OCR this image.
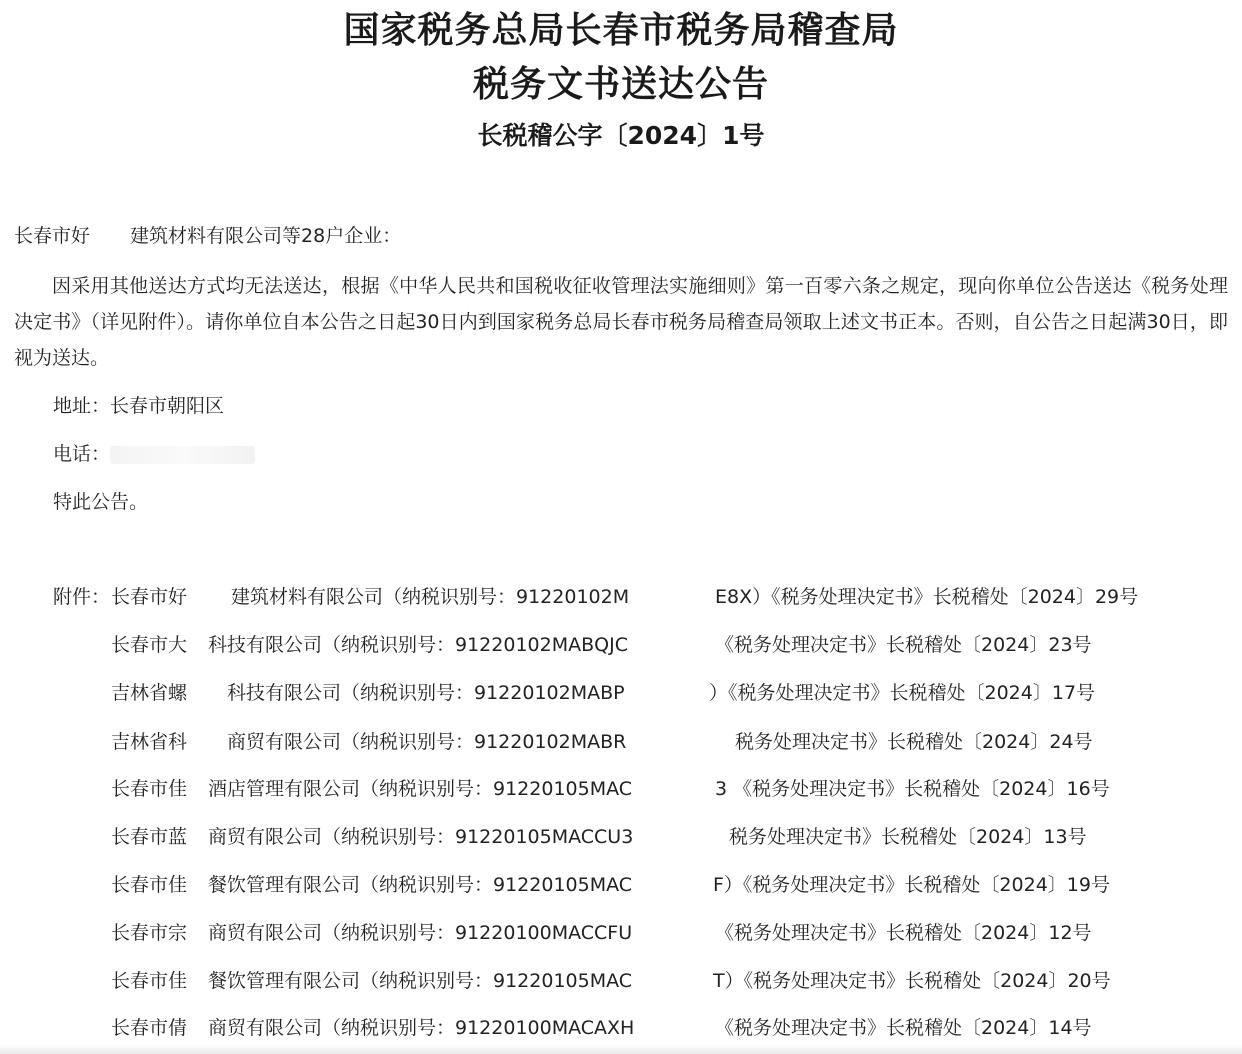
国家税务总局长春市税务局稽查局
税务文书送达公告
长税稽公字〔2024〕1号
长春市好 建筑材料有限公司等28户企业：
因采用其他送达方式均无法送达，根据《中华人民共和国税收征收管理法实施细则》第一百零六条之规定，现向你单位公告送达《税务处理决定书》（详见附件）。请你单位自本公告之日起30日内到国家税务总局长春市税务局稽查局领取上述文书正本。否则，自公告之日起满30日，即视为送达。
地址：长春市朝阳区
电话：
特此公告。
附件： 长春市好 建筑材料有限公司（纳税识别号：91220102M	E8X）《税务处理决定书》长税稽处〔2024〕29号
长春市大 科技有限公司（纳税识别号：91220102MABQJC	《税务处理决定书》长税稽处〔2024〕23号
吉林省螺 科技有限公司（纳税识别号：91220102MABP	）《税务处理决定书》长税稽处〔2024〕17号
吉林省科 商贸有限公司（纳税识别号：91220102MABR	税务处理决定书》长税稽处〔2024〕24号
长春市佳 酒店管理有限公司（纳税识别号：91220105MAC	3 《税务处理决定书》长税稽处〔2024〕16号
长春市蓝 商贸有限公司（纳税识别号：91220105MACCU3	税务处理决定书》长税稽处〔2024〕13号
长春市佳 餐饮管理有限公司（纳税识别号：91220105MAC	F）《税务处理决定书》长税稽处〔2024〕19号
长春市宗 商贸有限公司（纳税识别号：91220100MACCFU	《税务处理决定书》长税稽处〔2024〕12号
长春市佳 餐饮管理有限公司（纳税识别号：91220105MAC	T）《税务处理决定书》长税稽处〔2024〕20号
长春市倩 商贸有限公司（纳税识别号：91220100MACAXH	《税务处理决定书》长税稽处〔2024〕14号
